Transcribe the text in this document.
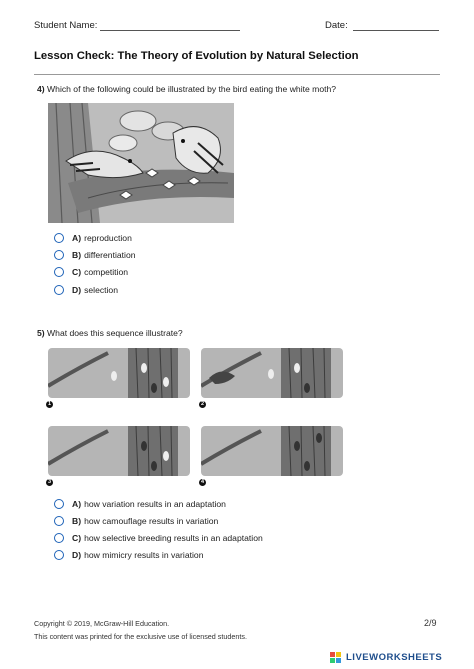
Student Name:	Date:
Lesson Check: The Theory of Evolution by Natural Selection
4) Which of the following could be illustrated by the bird eating the white moth?
A) reproduction
B) differentiation
C) competition
D) selection
5) What does this sequence illustrate?
1	2
3	4
A) how variation results in an adaptation
B) how camouflage results in variation
C) how selective breeding results in an adaptation
D) how mimicry results in variation
Copyright © 2019, McGraw-Hill Education.
This content was printed for the exclusive use of licensed students.
2/9
LIVEWORKSHEETS
